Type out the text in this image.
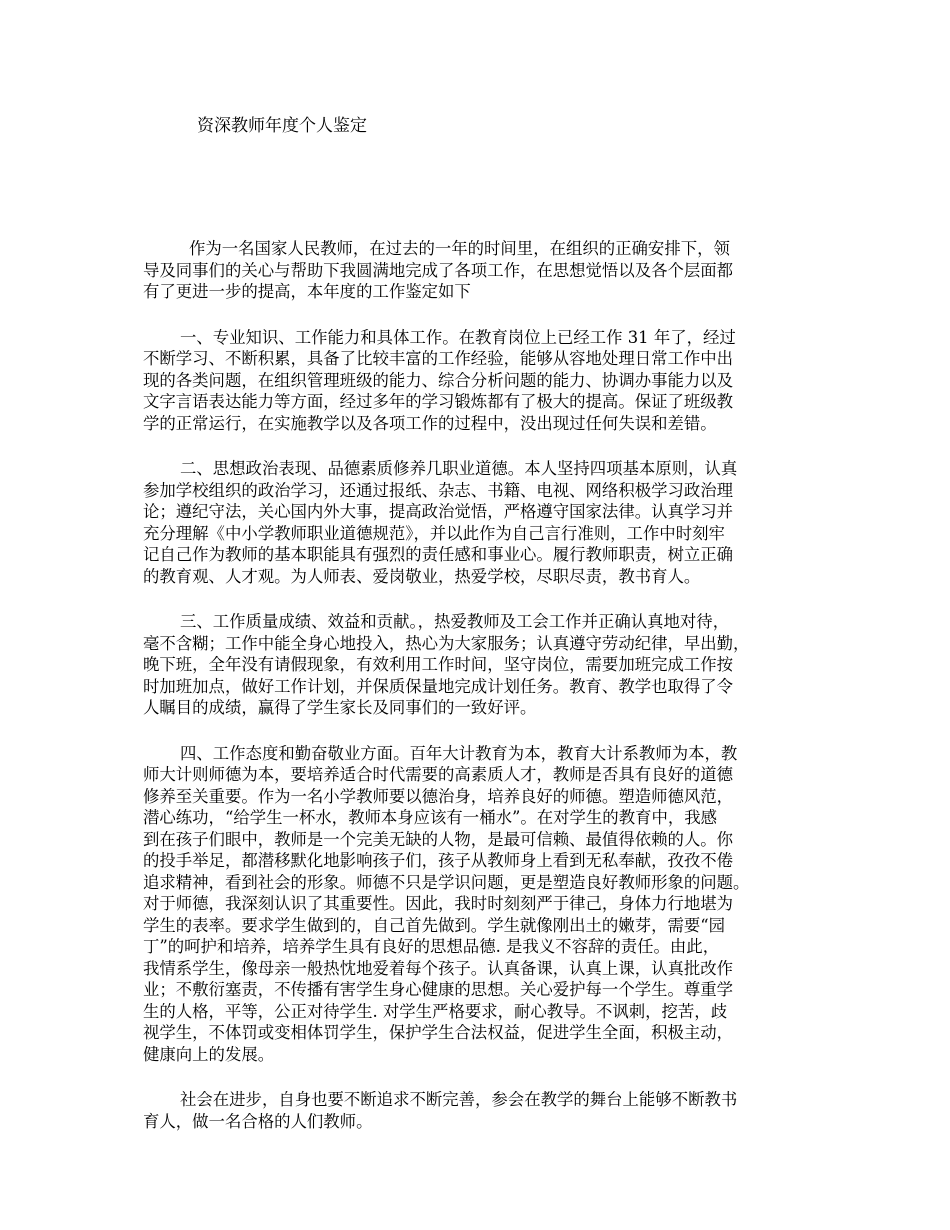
资深教师年度个人鉴定

作为一名国家人民教师，在过去的一年的时间里，在组织的正确安排下，领
导及同事们的关心与帮助下我圆满地完成了各项工作，在思想觉悟以及各个层面都
有了更进一步的提高，本年度的工作鉴定如下

一、专业知识、工作能力和具体工作。在教育岗位上已经工作 31 年了，经过
不断学习、不断积累，具备了比较丰富的工作经验，能够从容地处理日常工作中出
现的各类问题，在组织管理班级的能力、综合分析问题的能力、协调办事能力以及
文字言语表达能力等方面，经过多年的学习锻炼都有了极大的提高。保证了班级教
学的正常运行，在实施教学以及各项工作的过程中，没出现过任何失误和差错。

二、思想政治表现、品德素质修养几职业道德。本人坚持四项基本原则，认真
参加学校组织的政治学习，还通过报纸、杂志、书籍、电视、网络积极学习政治理
论；遵纪守法，关心国内外大事，提高政治觉悟，严格遵守国家法律。认真学习并
充分理解《中小学教师职业道德规范》，并以此作为自己言行准则，工作中时刻牢
记自己作为教师的基本职能具有强烈的责任感和事业心。履行教师职责，树立正确
的教育观、人才观。为人师表、爱岗敬业，热爱学校，尽职尽责，教书育人。

三、工作质量成绩、效益和贡献。，热爱教师及工会工作并正确认真地对待，
毫不含糊；工作中能全身心地投入，热心为大家服务；认真遵守劳动纪律，早出勤，
晚下班，全年没有请假现象，有效利用工作时间，坚守岗位，需要加班完成工作按
时加班加点，做好工作计划，并保质保量地完成计划任务。教育、教学也取得了令
人瞩目的成绩，赢得了学生家长及同事们的一致好评。

四、工作态度和勤奋敬业方面。百年大计教育为本，教育大计系教师为本，教
师大计则师德为本，要培养适合时代需要的高素质人才，教师是否具有良好的道德
修养至关重要。作为一名小学教师要以德治身，培养良好的师德。塑造师德风范，
潜心练功，“给学生一杯水，教师本身应该有一桶水”。在对学生的教育中，我感
到在孩子们眼中，教师是一个完美无缺的人物，是最可信赖、最值得依赖的人。你
的投手举足，都潜移默化地影响孩子们，孩子从教师身上看到无私奉献，孜孜不倦
追求精神，看到社会的形象。师德不只是学识问题，更是塑造良好教师形象的问题。
对于师德，我深刻认识了其重要性。因此，我时时刻刻严于律己，身体力行地堪为
学生的表率。要求学生做到的，自己首先做到。学生就像刚出土的嫩芽，需要“园
丁”的呵护和培养，培养学生具有良好的思想品德. 是我义不容辞的责任。由此，
我情系学生，像母亲一般热忱地爱着每个孩子。认真备课，认真上课，认真批改作
业；不敷衍塞责，不传播有害学生身心健康的思想。关心爱护每一个学生。尊重学
生的人格，平等，公正对待学生. 对学生严格要求，耐心教导。不讽刺，挖苦，歧
视学生，不体罚或变相体罚学生，保护学生合法权益，促进学生全面，积极主动，
健康向上的发展。

社会在进步，自身也要不断追求不断完善，参会在教学的舞台上能够不断教书
育人，做一名合格的人们教师。
